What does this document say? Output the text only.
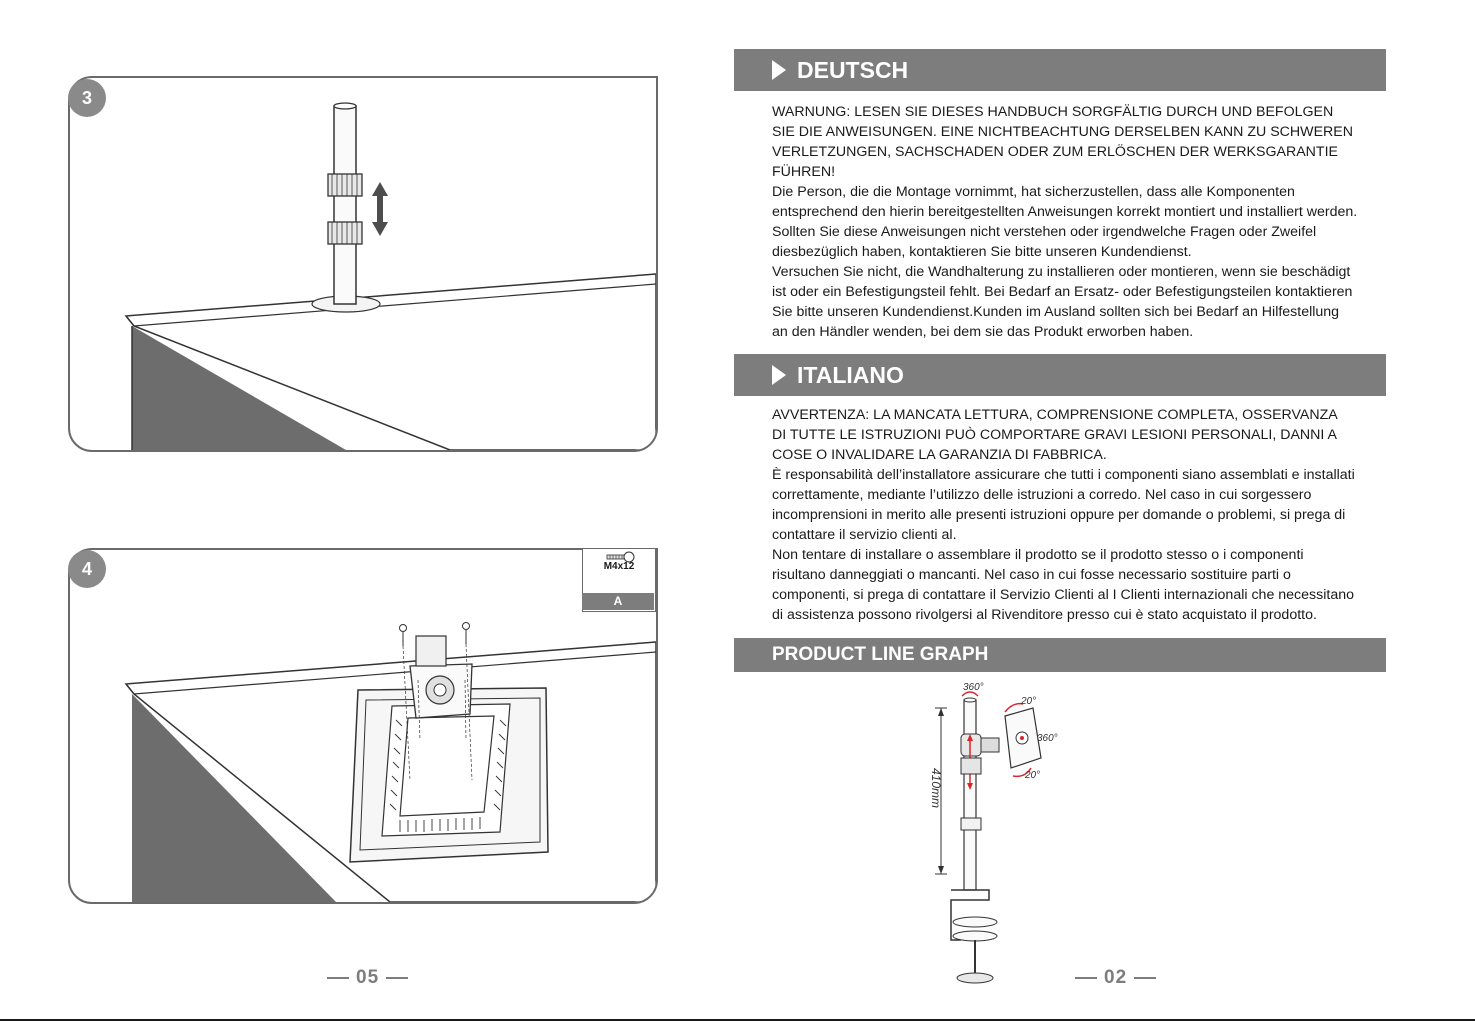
3
4	M4x12
A
05
DEUTSCH

WARNUNG: LESEN SIE DIESES HANDBUCH SORGFÄLTIG DURCH UND BEFOLGEN

SIE DIE ANWEISUNGEN. EINE NICHTBEACHTUNG DERSELBEN KANN ZU SCHWEREN

VERLETZUNGEN, SACHSCHADEN ODER ZUM ERLÖSCHEN DER WERKSGARANTIE

FÜHREN!

Die Person, die die Montage vornimmt, hat sicherzustellen, dass alle Komponenten

entsprechend den hierin bereitgestellten Anweisungen korrekt montiert und installiert werden.

Sollten Sie diese Anweisungen nicht verstehen oder irgendwelche Fragen oder Zweifel

diesbezüglich haben, kontaktieren Sie bitte unseren Kundendienst.

Versuchen Sie nicht, die Wandhalterung zu installieren oder montieren, wenn sie beschädigt

ist oder ein Befestigungsteil fehlt. Bei Bedarf an Ersatz- oder Befestigungsteilen kontaktieren

Sie bitte unseren Kundendienst.Kunden im Ausland sollten sich bei Bedarf an Hilfestellung

an den Händler wenden, bei dem sie das Produkt erworben haben.

ITALIANO

AVVERTENZA: LA MANCATA LETTURA, COMPRENSIONE COMPLETA, OSSERVANZA

DI TUTTE LE ISTRUZIONI PUÒ COMPORTARE GRAVI LESIONI PERSONALI, DANNI A

COSE O INVALIDARE LA GARANZIA DI FABBRICA.

È responsabilità dell’installatore assicurare che tutti i componenti siano assemblati e installati

correttamente, mediante l’utilizzo delle istruzioni a corredo. Nel caso in cui sorgessero

incomprensioni in merito alle presenti istruzioni oppure per domande o problemi, si prega di

contattare il servizio clienti al.

Non tentare di installare o assemblare il prodotto se il prodotto stesso o i componenti

risultano danneggiati o mancanti. Nel caso in cui fosse necessario sostituire parti o

componenti, si prega di contattare il Servizio Clienti al I Clienti internazionali che necessitano

di assistenza possono rivolgersi al Rivenditore presso cui è stato acquistato il prodotto.

PRODUCT LINE GRAPH
410mm
360°
20°
360°
20°
02
